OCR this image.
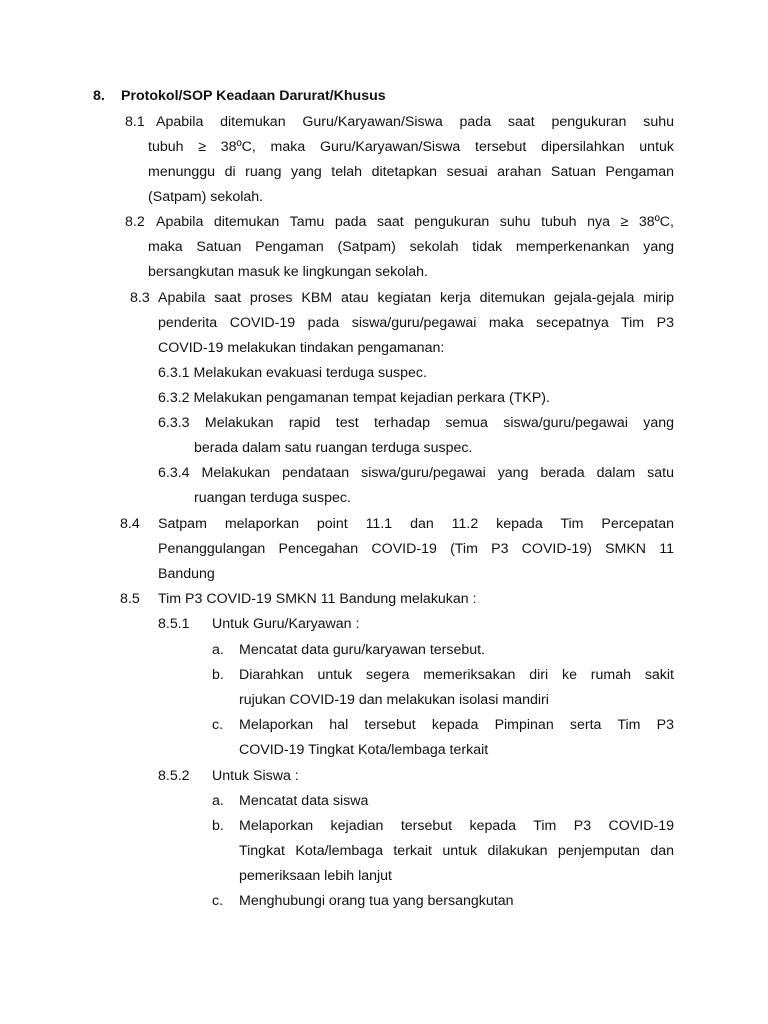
8. Protokol/SOP Keadaan Darurat/Khusus
8.1 Apabila ditemukan Guru/Karyawan/Siswa pada saat pengukuran suhu
tubuh ≥ 38ºC, maka Guru/Karyawan/Siswa tersebut dipersilahkan untuk
menunggu di ruang yang telah ditetapkan sesuai arahan Satuan Pengaman
(Satpam) sekolah.
8.2 Apabila ditemukan Tamu pada saat pengukuran suhu tubuh nya ≥ 38ºC,
maka Satuan Pengaman (Satpam) sekolah tidak memperkenankan yang
bersangkutan masuk ke lingkungan sekolah.
8.3 Apabila saat proses KBM atau kegiatan kerja ditemukan gejala-gejala mirip
penderita COVID-19 pada siswa/guru/pegawai maka secepatnya Tim P3
COVID-19 melakukan tindakan pengamanan:
6.3.1 Melakukan evakuasi terduga suspec.
6.3.2 Melakukan pengamanan tempat kejadian perkara (TKP).
6.3.3 Melakukan rapid test terhadap semua siswa/guru/pegawai yang
berada dalam satu ruangan terduga suspec.
6.3.4 Melakukan pendataan siswa/guru/pegawai yang berada dalam satu
ruangan terduga suspec.
8.4 Satpam melaporkan point 11.1 dan 11.2 kepada Tim Percepatan
Penanggulangan Pencegahan COVID-19 (Tim P3 COVID-19) SMKN 11
Bandung
8.5 Tim P3 COVID-19 SMKN 11 Bandung melakukan :
8.5.1 Untuk Guru/Karyawan :
a. Mencatat data guru/karyawan tersebut.
b. Diarahkan untuk segera memeriksakan diri ke rumah sakit
rujukan COVID-19 dan melakukan isolasi mandiri
c. Melaporkan hal tersebut kepada Pimpinan serta Tim P3
COVID-19 Tingkat Kota/lembaga terkait
8.5.2 Untuk Siswa :
a. Mencatat data siswa
b. Melaporkan kejadian tersebut kepada Tim P3 COVID-19
Tingkat Kota/lembaga terkait untuk dilakukan penjemputan dan
pemeriksaan lebih lanjut
c. Menghubungi orang tua yang bersangkutan
